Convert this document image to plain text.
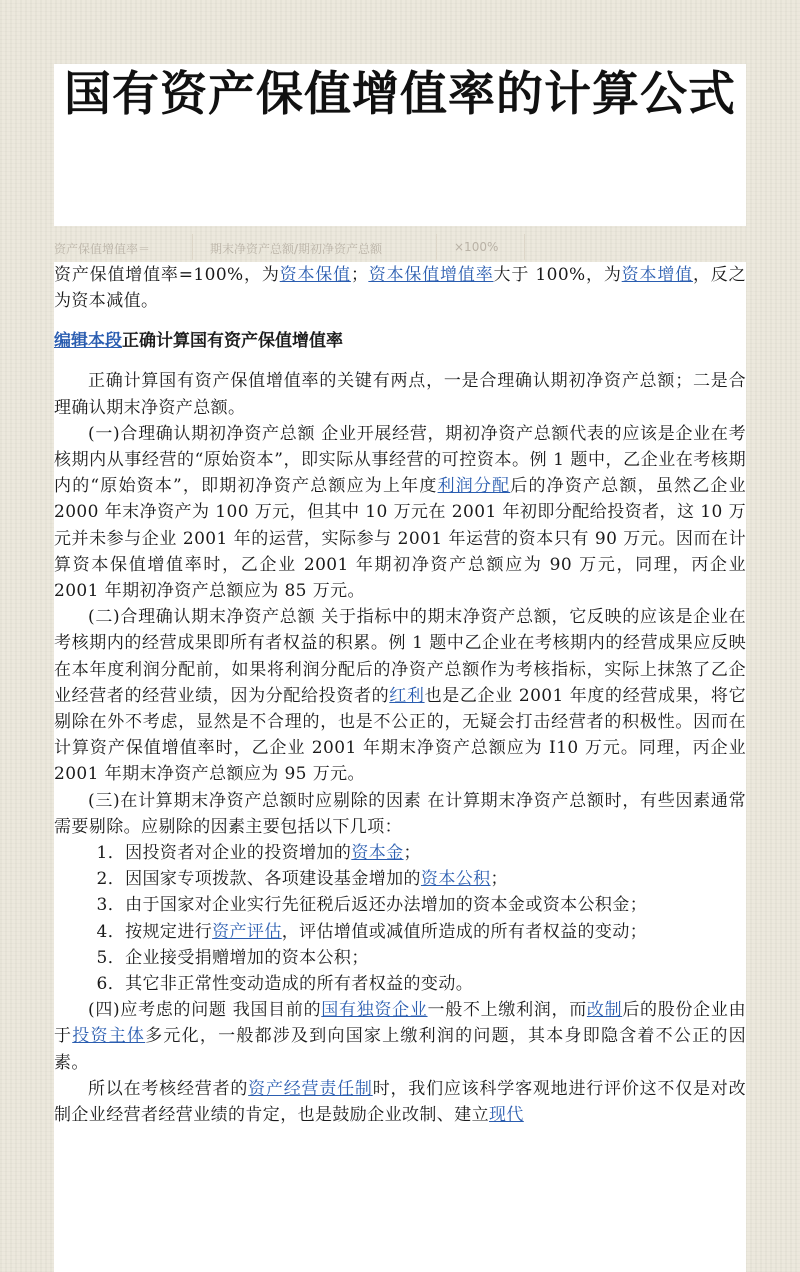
国有资产保值增值率的计算公式
资产保值增值率＝	期末净资产总额/期初净资产总额	×100%

资产保值增值率=100%，为资本保值；资本保值增值率大于 100%，为资本增值，反之为资本减值。

编辑本段正确计算国有资产保值增值率

正确计算国有资产保值增值率的关键有两点，一是合理确认期初净资产总额；二是合理确认期末净资产总额。

(一)合理确认期初净资产总额 企业开展经营，期初净资产总额代表的应该是企业在考核期内从事经营的“原始资本”，即实际从事经营的可控资本。例 1 题中，乙企业在考核期内的“原始资本”，即期初净资产总额应为上年度利润分配后的净资产总额，虽然乙企业 2000 年末净资产为 100 万元，但其中 10 万元在 2001 年初即分配给投资者，这 10 万元并未参与企业 2001 年的运营，实际参与 2001 年运营的资本只有 90 万元。因而在计算资本保值增值率时，乙企业 2001 年期初净资产总额应为 90 万元，同理，丙企业 2001 年期初净资产总额应为 85 万元。

(二)合理确认期末净资产总额 关于指标中的期末净资产总额，它反映的应该是企业在考核期内的经营成果即所有者权益的积累。例 1 题中乙企业在考核期内的经营成果应反映在本年度利润分配前，如果将利润分配后的净资产总额作为考核指标，实际上抹煞了乙企业经营者的经营业绩，因为分配给投资者的红利也是乙企业 2001 年度的经营成果，将它剔除在外不考虑，显然是不合理的，也是不公正的，无疑会打击经营者的积极性。因而在计算资产保值增值率时，乙企业 2001 年期末净资产总额应为 I10 万元。同理，丙企业 2001 年期末净资产总额应为 95 万元。

(三)在计算期末净资产总额时应剔除的因素 在计算期末净资产总额时，有些因素通常需要剔除。应剔除的因素主要包括以下几项：

1．因投资者对企业的投资增加的资本金；

2．因国家专项拨款、各项建设基金增加的资本公积；

3．由于国家对企业实行先征税后返还办法增加的资本金或资本公积金；

4．按规定进行资产评估，评估增值或减值所造成的所有者权益的变动；

5．企业接受捐赠增加的资本公积；

6．其它非正常性变动造成的所有者权益的变动。

(四)应考虑的问题 我国目前的国有独资企业一般不上缴利润，而改制后的股份企业由于投资主体多元化，一般都涉及到向国家上缴利润的问题，其本身即隐含着不公正的因素。

所以在考核经营者的资产经营责任制时，我们应该科学客观地进行评价这不仅是对改制企业经营者经营业绩的肯定，也是鼓励企业改制、建立现代
